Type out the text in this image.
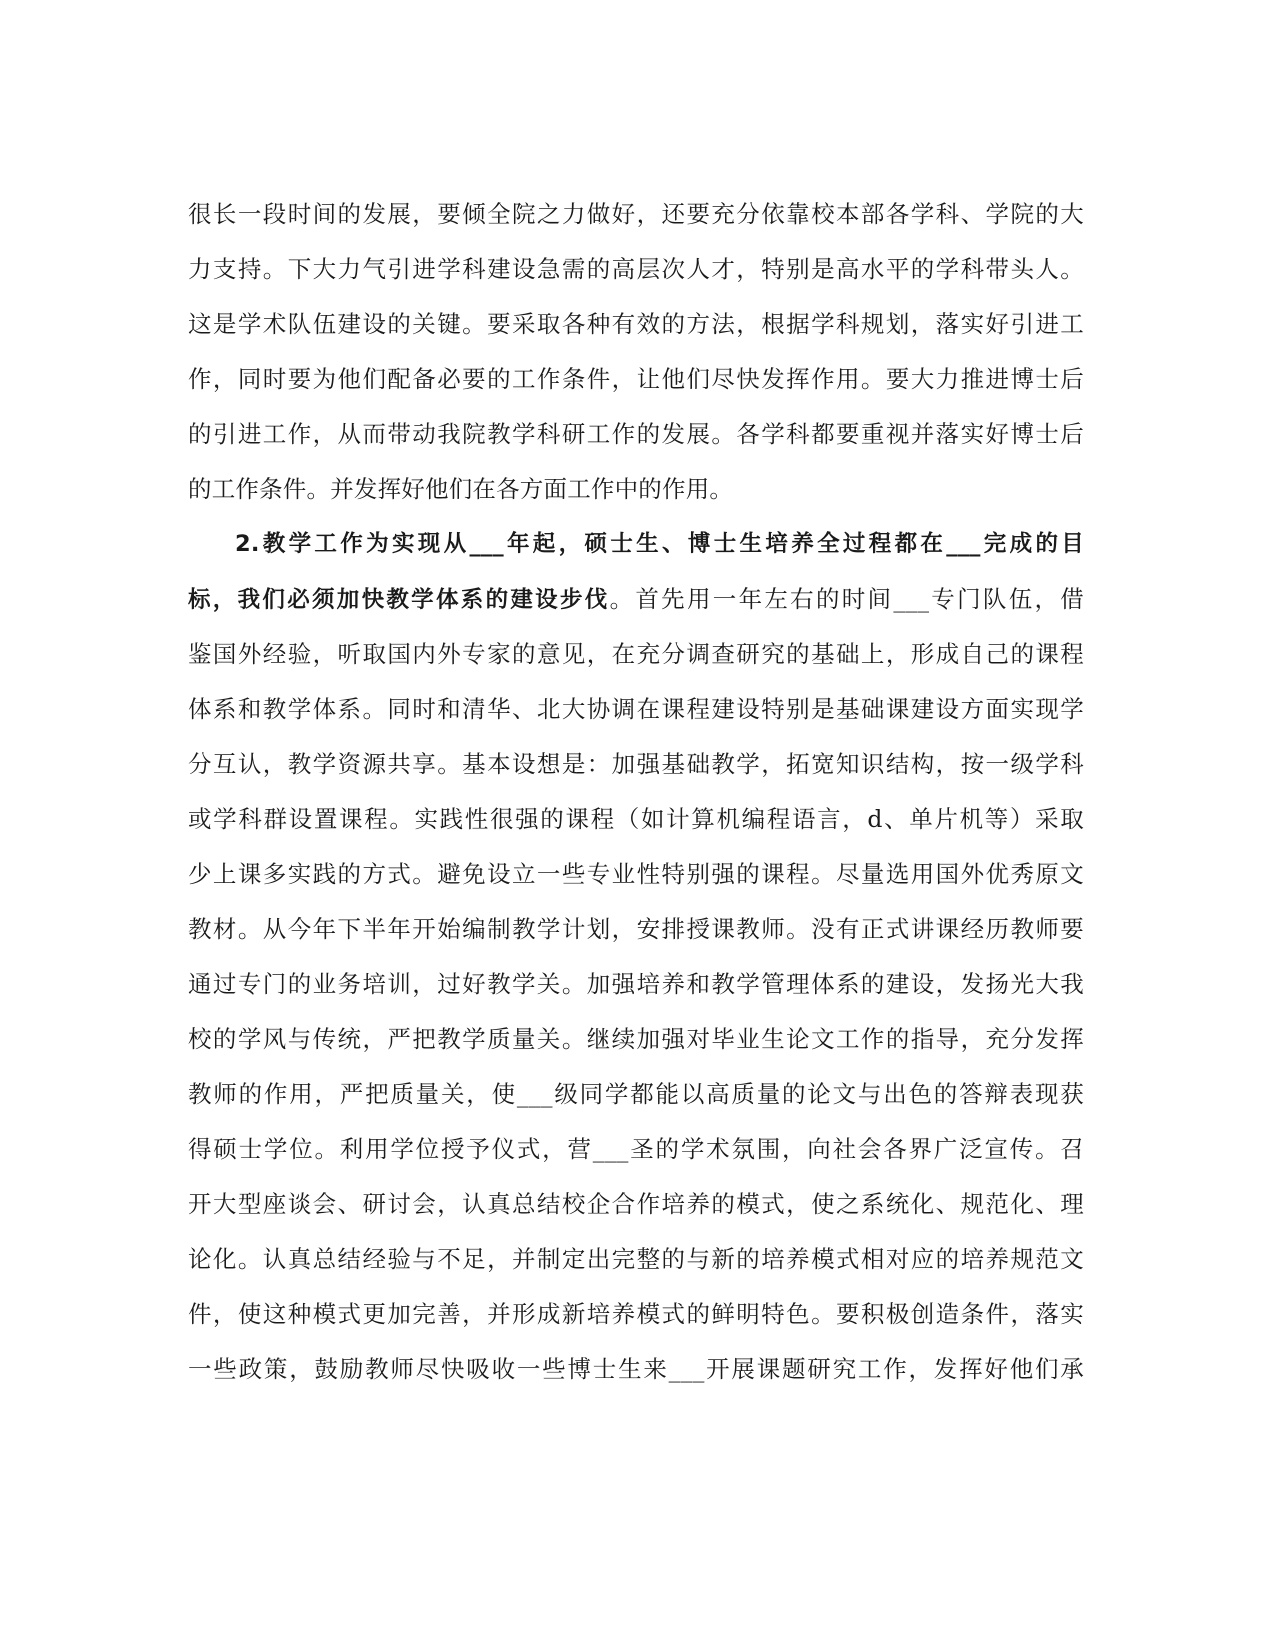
很长一段时间的发展，要倾全院之力做好，还要充分依靠校本部各学科、学院的大
力支持。下大力气引进学科建设急需的高层次人才，特别是高水平的学科带头人。
这是学术队伍建设的关键。要采取各种有效的方法，根据学科规划，落实好引进工
作，同时要为他们配备必要的工作条件，让他们尽快发挥作用。要大力推进博士后
的引进工作，从而带动我院教学科研工作的发展。各学科都要重视并落实好博士后
的工作条件。并发挥好他们在各方面工作中的作用。
2.教学工作为实现从___年起，硕士生、博士生培养全过程都在___完成的目
标，我们必须加快教学体系的建设步伐。首先用一年左右的时间___专门队伍，借
鉴国外经验，听取国内外专家的意见，在充分调查研究的基础上，形成自己的课程
体系和教学体系。同时和清华、北大协调在课程建设特别是基础课建设方面实现学
分互认，教学资源共享。基本设想是：加强基础教学，拓宽知识结构，按一级学科
或学科群设置课程。实践性很强的课程（如计算机编程语言，d、单片机等）采取
少上课多实践的方式。避免设立一些专业性特别强的课程。尽量选用国外优秀原文
教材。从今年下半年开始编制教学计划，安排授课教师。没有正式讲课经历教师要
通过专门的业务培训，过好教学关。加强培养和教学管理体系的建设，发扬光大我
校的学风与传统，严把教学质量关。继续加强对毕业生论文工作的指导，充分发挥
教师的作用，严把质量关，使___级同学都能以高质量的论文与出色的答辩表现获
得硕士学位。利用学位授予仪式，营___圣的学术氛围，向社会各界广泛宣传。召
开大型座谈会、研讨会，认真总结校企合作培养的模式，使之系统化、规范化、理
论化。认真总结经验与不足，并制定出完整的与新的培养模式相对应的培养规范文
件，使这种模式更加完善，并形成新培养模式的鲜明特色。要积极创造条件，落实
一些政策，鼓励教师尽快吸收一些博士生来___开展课题研究工作，发挥好他们承
